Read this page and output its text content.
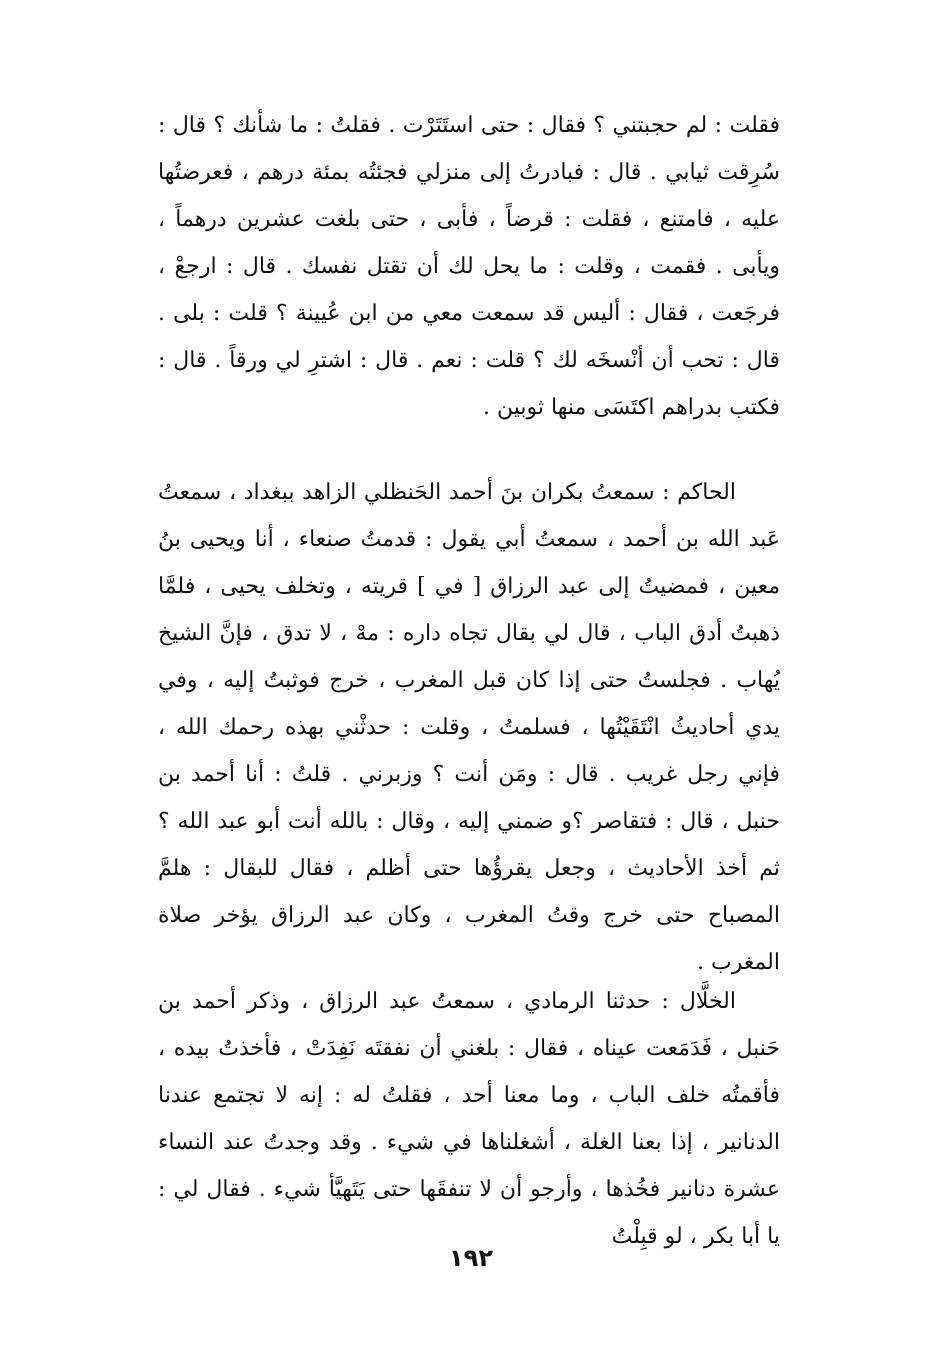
فقلت : لم حجبتني ؟ فقال : حتى استَتَرْت . فقلتُ : ما شأنك ؟ قال : سُرِقت ثيابي . قال : فبادرتُ إلى منزلي فجئتُه بمئة درهم ، فعرضتُها عليه ، فامتنع ، فقلت : قرضاً ، فأبى ، حتى بلغت عشرين درهماً ، ويأبى . فقمت ، وقلت : ما يحل لك أن تقتل نفسك . قال : ارجعْ ، فرجَعت ، فقال : أليس قد سمعت معي من ابن عُيينة ؟ قلت : بلى . قال : تحب أن أنْسخَه لك ؟ قلت : نعم . قال : اشترِ لي ورقاً . قال : فكتب بدراهم اكتَسَى منها ثوبين .

الحاكم : سمعتُ بكران بنَ أحمد الحَنظلي الزاهد ببغداد ، سمعتُ عَبد الله بن أحمد ، سمعتُ أبي يقول : قدمتُ صنعاء ، أنا ويحيى بنُ معين ، فمضيتُ إلى عبد الرزاق [ في ] قريته ، وتخلف يحيى ، فلمَّا ذهبتُ أدق الباب ، قال لي بقال تجاه داره : مهْ ، لا تدق ، فإنَّ الشيخ يُهاب . فجلستُ حتى إذا كان قبل المغرب ، خرج فوثبتُ إليه ، وفي يدي أحاديثُ انْتَقَيْتُها ، فسلمتُ ، وقلت : حدثْني بهذه رحمك الله ، فإني رجل غريب . قال : ومَن أنت ؟ وزبرني . قلتُ : أنا أحمد بن حنبل ، قال : فتقاصر ؟و ضمني إليه ، وقال : بالله أنت أبو عبد الله ؟ ثم أخذ الأحاديث ، وجعل يقرؤُها حتى أظلم ، فقال للبقال : هلمَّ المصباح حتى خرج وقتُ المغرب ، وكان عبد الرزاق يؤخر صلاة المغرب .

الخلَّال : حدثنا الرمادي ، سمعتُ عبد الرزاق ، وذكر أحمد بن حَنبل ، فَدَمَعت عيناه ، فقال : بلغني أن نفقتَه نَفِدَتْ ، فأخذتُ بيده ، فأقمتُه خلف الباب ، وما معنا أحد ، فقلتُ له : إنه لا تجتمع عندنا الدنانير ، إذا بعنا الغلة ، أشغلناها في شيء . وقد وجدتُ عند النساء عشرة دنانير فخُذها ، وأرجو أن لا تنفقَها حتى يَتَهيَّأ شيء . فقال لي : يا أبا بكر ، لو قبِلْتُ

١٩٢
